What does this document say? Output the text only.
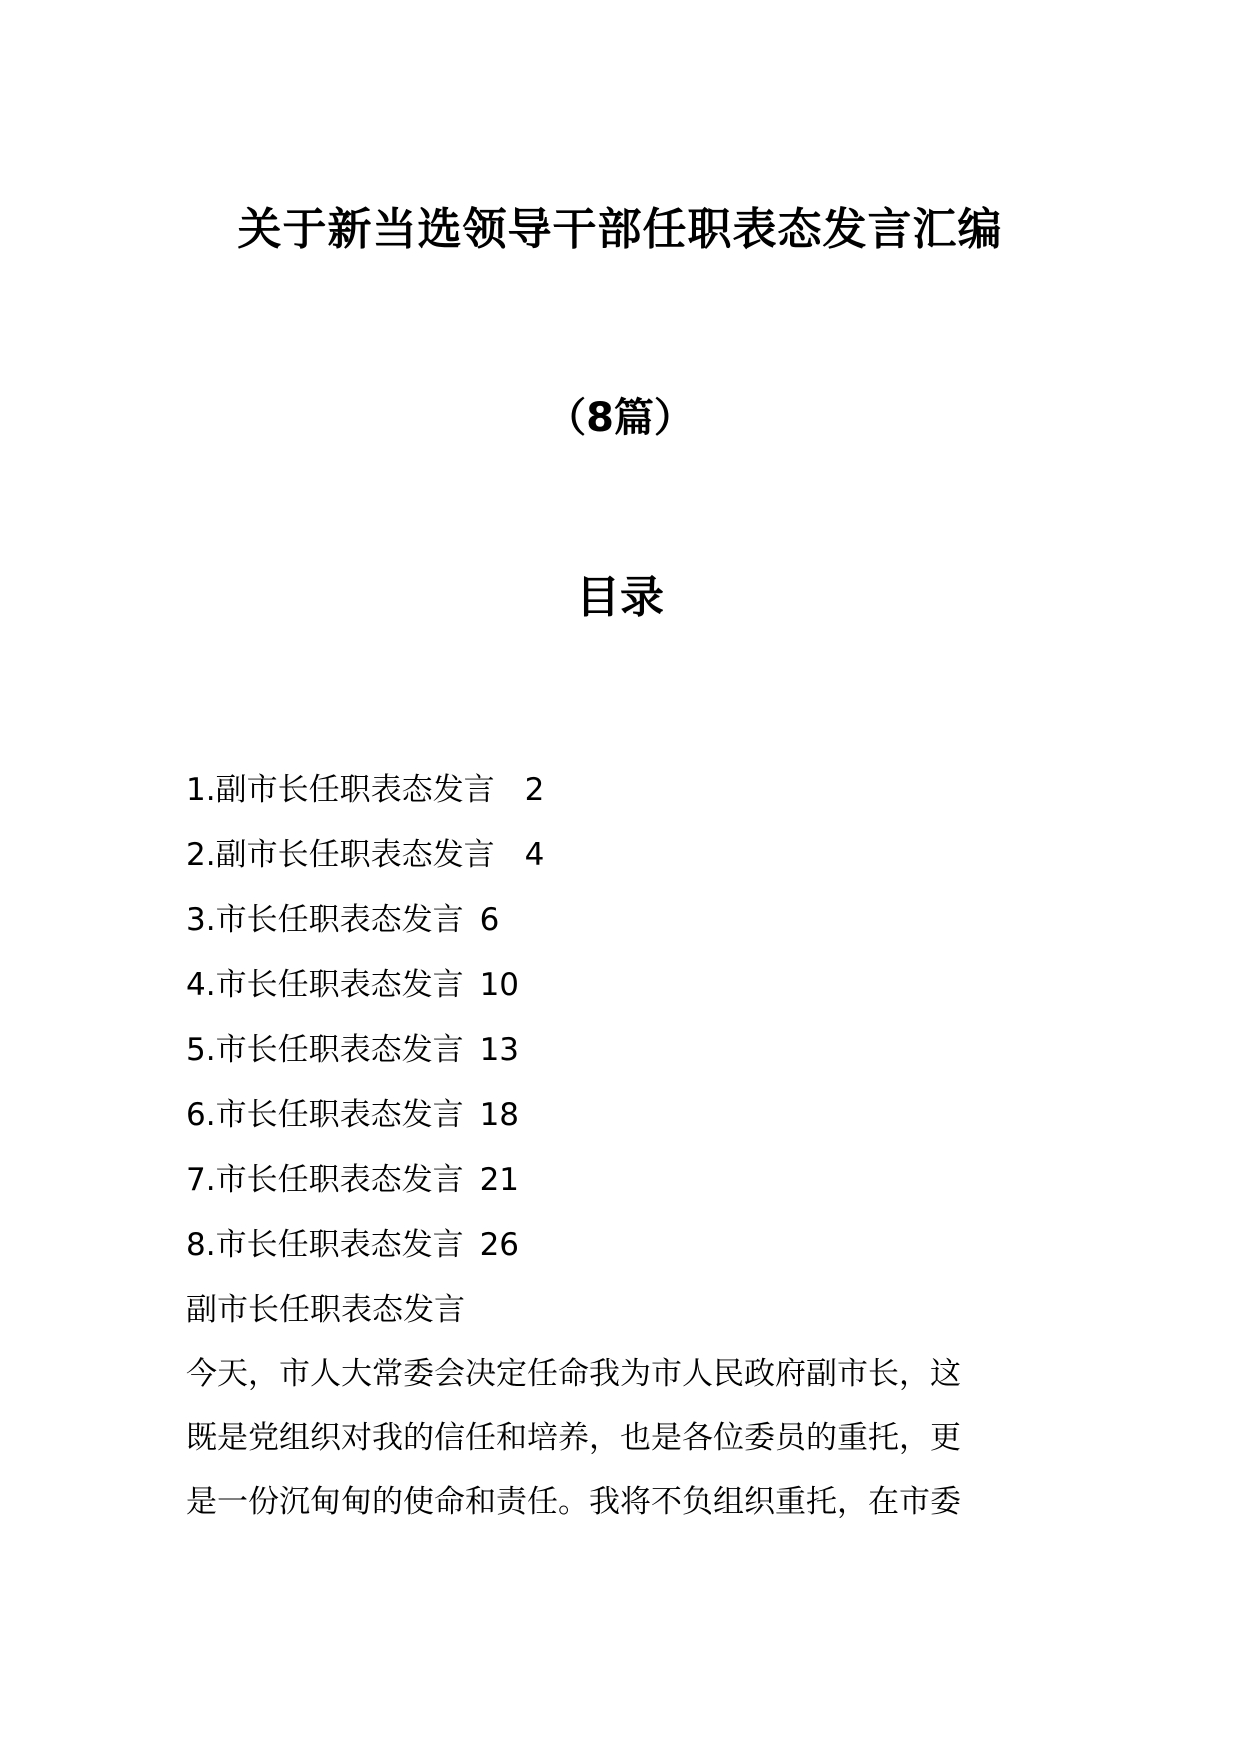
关于新当选领导干部任职表态发言汇编
（8篇）
目录
1.副市长任职表态发言 2
2.副市长任职表态发言 4
3.市长任职表态发言 6
4.市长任职表态发言 10
5.市长任职表态发言 13
6.市长任职表态发言 18
7.市长任职表态发言 21
8.市长任职表态发言 26
副市长任职表态发言

今天，市人大常委会决定任命我为市人民政府副市长，这
既是党组织对我的信任和培养，也是各位委员的重托，更
是一份沉甸甸的使命和责任。我将不负组织重托，在市委
